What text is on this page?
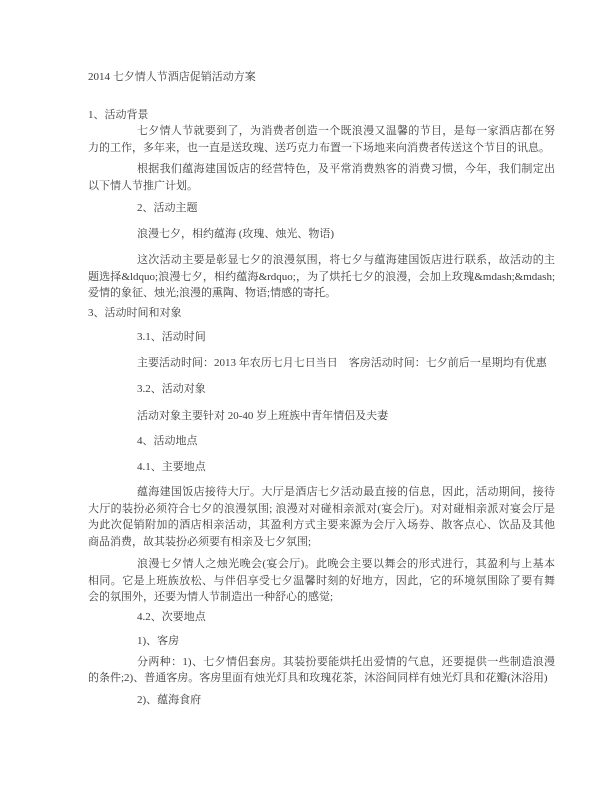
2014 七夕情人节酒店促销活动方案
1、活动背景
七夕情人节就要到了，为消费者创造一个既浪漫又温馨的节目，是每一家酒店都在努
力的工作，多年来，也一直是送玫瑰、送巧克力布置一下场地来向消费者传送这个节目的讯息。
根据我们蕴海建国饭店的经营特色，及平常消费熟客的消费习惯，今年，我们制定出
以下情人节推广计划。
2、活动主题
浪漫七夕，相约蕴海 (玫瑰、烛光、物语)
这次活动主要是彰显七夕的浪漫氛围，将七夕与蕴海建国饭店进行联系，故活动的主
题选择&ldquo;浪漫七夕，相约蕴海&rdquo;，为了烘托七夕的浪漫，会加上玫瑰&mdash;&mdash;
爱情的象征、烛光;浪漫的熏陶、物语;情感的寄托。
3、活动时间和对象
3.1、活动时间
主要活动时间：2013 年农历七月七日当日　客房活动时间：七夕前后一星期均有优惠
3.2、活动对象
活动对象主要针对 20-40 岁上班族中青年情侣及夫妻
4、活动地点
4.1、主要地点
蕴海建国饭店接待大厅。大厅是酒店七夕活动最直接的信息，因此，活动期间，接待
大厅的装扮必须符合七夕的浪漫氛围; 浪漫对对碰相亲派对(宴会厅)。对对碰相亲派对宴会厅是
为此次促销附加的酒店相亲活动，其盈利方式主要来源为会厅入场券、散客点心、饮品及其他
商品消费，故其装扮必须要有相亲及七夕氛围;
浪漫七夕情人之烛光晚会(宴会厅)。此晚会主要以舞会的形式进行，其盈利与上基本
相同。它是上班族放松、与伴侣享受七夕温馨时刻的好地方，因此，它的环境氛围除了要有舞
会的氛围外，还要为情人节制造出一种舒心的感觉;
4.2、次要地点
1)、客房
分两种：1)、七夕情侣套房。其装扮要能烘托出爱情的气息，还要提供一些制造浪漫
的条件;2)、普通客房。客房里面有烛光灯具和玫瑰花茶，沐浴间同样有烛光灯具和花瓣(沐浴用)
2)、蕴海食府
